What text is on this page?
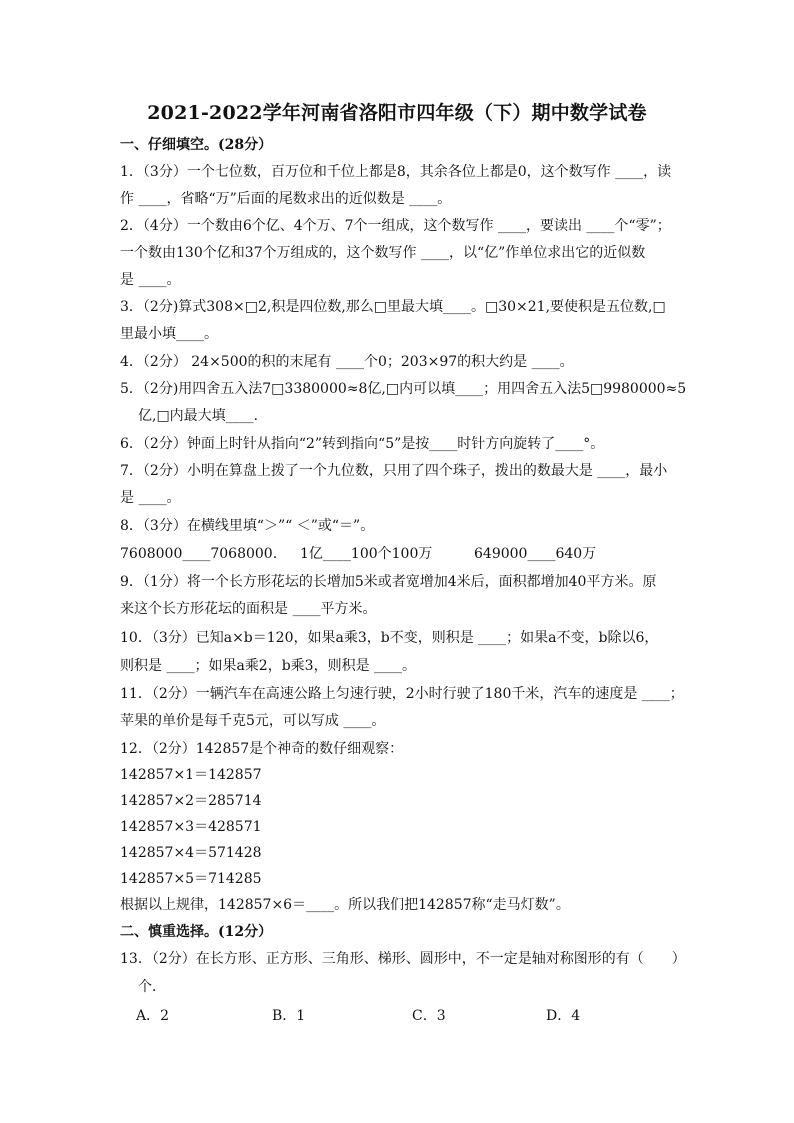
2021-2022学年河南省洛阳市四年级（下）期中数学试卷
一、仔细填空。(28分）
1．（3分）一个七位数，百万位和千位上都是8，其余各位上都是0，这个数写作 ____，读
作 ____，省略“万”后面的尾数求出的近似数是 ____。
2．（4分）一个数由6个亿、4个万、7个一组成，这个数写作 ____，要读出 ____个“零”；
一个数由130个亿和37个万组成的，这个数写作 ____，以“亿”作单位求出它的近似数
是 ____。
3．（2分)算式308×□2,积是四位数,那么□里最大填____。□30×21,要使积是五位数,□
里最小填____。
4．（2分） 24×500的积的末尾有 ____个0；203×97的积大约是 ____。
5．（2分)用四舍五入法7□3380000≈8亿,□内可以填____；用四舍五入法5□9980000≈5
亿,□内最大填____．
6．（2分）钟面上时针从指向“2”转到指向“5”是按____时针方向旋转了____°。
7．（2分）小明在算盘上拨了一个九位数，只用了四个珠子，拨出的数最大是 ____，最小
是 ____。
8．（3分）在横线里填“＞”“ ＜”或“＝”。
7608000____7068000. 1亿____100个100万	649000____640万
9．（1分）将一个长方形花坛的长增加5米或者宽增加4米后，面积都增加40平方米。原
来这个长方形花坛的面积是 ____平方米。
10．（3分）已知a×b＝120，如果a乘3，b不变，则积是 ____；如果a不变，b除以6，
则积是 ____；如果a乘2，b乘3，则积是 ____。
11．（2分）一辆汽车在高速公路上匀速行驶，2小时行驶了180千米，汽车的速度是 ____；
苹果的单价是每千克5元，可以写成 ____。
12．（2分）142857是个神奇的数仔细观察：
142857×1＝142857
142857×2＝285714
142857×3＝428571
142857×4＝571428
142857×5＝714285
根据以上规律，142857×6＝____。所以我们把142857称“走马灯数”。
二、慎重选择。(12分）
13．（2分）在长方形、正方形、三角形、梯形、圆形中，不一定是轴对称图形的有（　　）
个．
A．2	B．1	C．3	D．4
